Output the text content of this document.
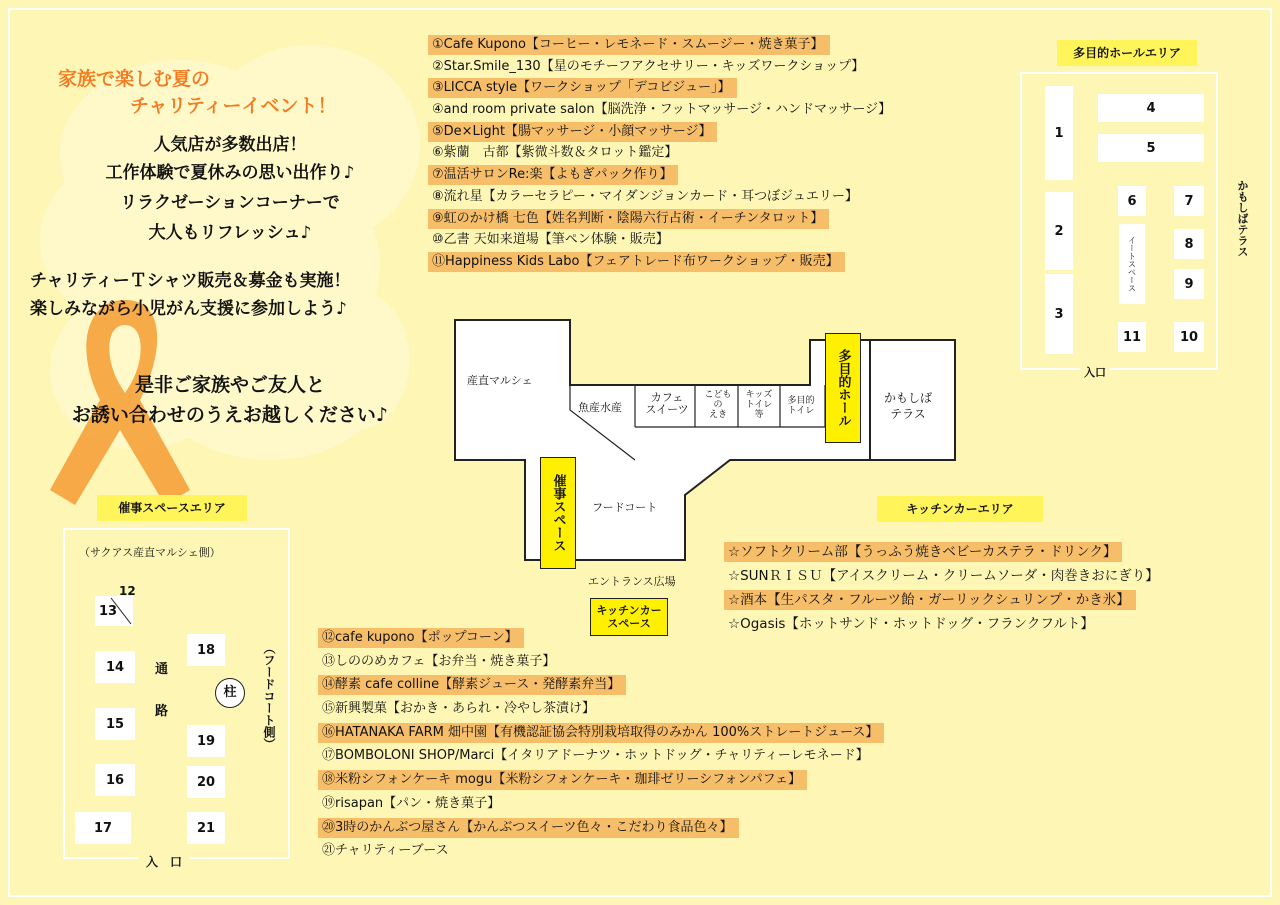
家族で楽しむ夏の
チャリティーイベント！
人気店が多数出店！
工作体験で夏休みの思い出作り♪
リラクゼーションコーナーで
大人もリフレッシュ♪
チャリティーＴシャツ販売＆募金も実施！
楽しみながら小児がん支援に参加しよう♪
是非ご家族やご友人と
お誘い合わせのうえお越しください♪
①Cafe Kupono【コーヒー・レモネード・スムージー・焼き菓子】
②Star.Smile_130【星のモチーフアクセサリー・キッズワークショップ】
③LICCA style【ワークショップ「デコビジュー」】
④and room private salon【脳洗浄・フットマッサージ・ハンドマッサージ】
⑤De×Light【腸マッサージ・小顔マッサージ】
⑥紫蘭　古都【紫微斗数＆タロット鑑定】
⑦温活サロンRe:楽【よもぎパック作り】
⑧流れ星【カラーセラピー・マイダンジョンカード・耳つぼジュエリー】
⑨虹のかけ橋 七色【姓名判断・陰陽六行占術・イーチンタロット】
⑩乙書 天如来道場【筆ペン体験・販売】
⑪Happiness Kids Labo【フェアトレード布ワークショップ・販売】
多目的ホールエリア
1
2
3
4
5
6	7
イートスペース	8
9
11	10
入口
かもしばテラス
産直マルシェ
魚産水産
カフェ
スイーツ
こども
の
えき
キッズ
トイレ
等
多目的
トイレ	多目的ホール	かもしば
テラス
催事スペース	フードコート
エントランス広場
キッチンカー
スペース
キッチンカーエリア
☆ソフトクリーム部【うっふう焼きベビーカステラ・ドリンク】
☆SUNＲＩＳＵ【アイスクリーム・クリームソーダ・肉巻きおにぎり】
☆酒本【生パスタ・フルーツ飴・ガーリックシュリンプ・かき氷】
☆Ogasis【ホットサンド・ホットドッグ・フランクフルト】
催事スペースエリア
（サクアス産直マルシェ側）
13
12
14
15
16
17
18
19
20
21
通
路
柱	（フードコート側）
入　口
⑫cafe kupono【ポップコーン】
⑬しののめカフェ【お弁当・焼き菓子】
⑭酵素 cafe colline【酵素ジュース・発酵素弁当】
⑮新興製菓【おかき・あられ・冷やし茶漬け】
⑯HATANAKA FARM 畑中園【有機認証協会特別栽培取得のみかん 100%ストレートジュース】
⑰BOMBOLONI SHOP/Marci【イタリアドーナツ・ホットドッグ・チャリティーレモネード】
⑱米粉シフォンケーキ mogu【米粉シフォンケーキ・珈琲ゼリーシフォンパフェ】
⑲risapan【パン・焼き菓子】
⑳3時のかんぶつ屋さん【かんぶつスイーツ色々・こだわり食品色々】
㉑チャリティーブース
